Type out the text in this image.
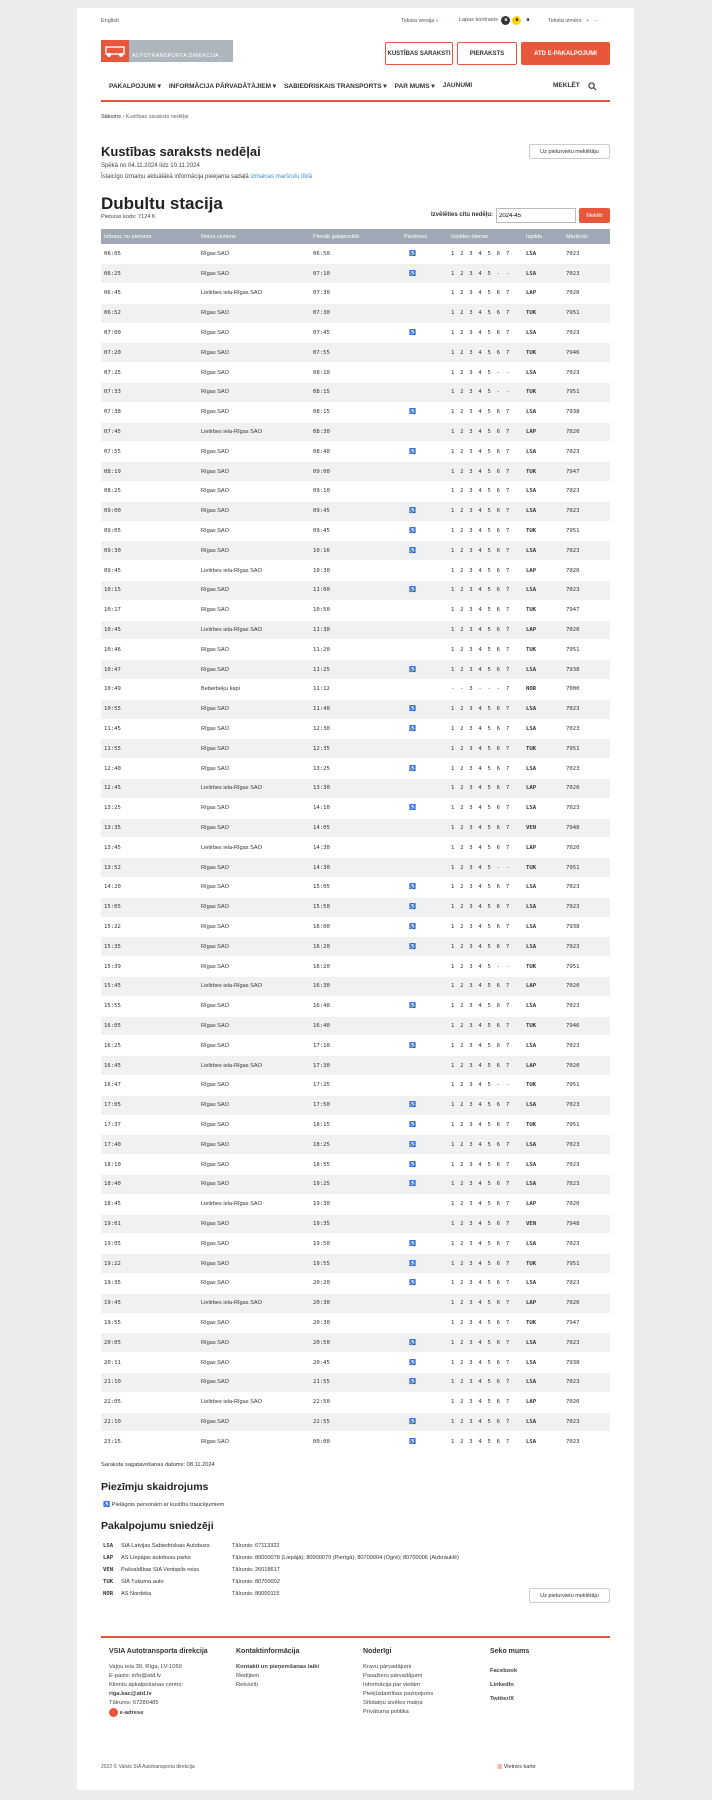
English	Teksta versija ◐	Lapas kontrasts a a a	Teksta izmērs + –
AUTOTRANSPORTA DIREKCIJA	KUSTĪBAS SARAKSTI	PIERAKSTS	ATD E-PAKALPOJUMI
PAKALPOJUMI ▾ INFORMĀCIJA PĀRVADĀTĀJIEM ▾ SABIEDRISKAIS TRANSPORTS ▾ PAR MUMS ▾ JAUNUMI	MEKLĒT
Sākums › Kustības saraksts nedēļai
Kustības saraksts nedēļai
Spēkā no 04.11.2024 līdz 10.11.2024
Īslaicīgo izmaiņu aktuālākā informācija pieejama sadaļā izmaiņas maršrutu tīklā
Uz pieturvietu meklētāju
Dubultu stacija
Pieturas kods: 7124 K	Izvēlēties citu nedēļu:
2024-45	Meklēt
Izbrauc no pieturas	Reisa virziens	Pienāk galapunktā	Piezīmes	Izpildes dienas	Izpilda	Maršruts
06:05	Rīgas SAO	06:50	♿	1 2 3 4 5 6 7	LSA	7023
06:25	Rīgas SAO	07:10	♿	1 2 3 4 5 - -	LSA	7023
06:45	Lielirbes iela-Rīgas SAO	07:30		1 2 3 4 5 6 7	LAP	7020
06:52	Rīgas SAO	07:30		1 2 3 4 5 6 7	TUK	7951
07:00	Rīgas SAO	07:45	♿	1 2 3 4 5 6 7	LSA	7023
07:20	Rīgas SAO	07:55		1 2 3 4 5 6 7	TUK	7946
07:25	Rīgas SAO	08:10		1 2 3 4 5 - -	LSA	7023
07:33	Rīgas SAO	08:15		1 2 3 4 5 - -	TUK	7951
07:38	Rīgas SAO	08:15	♿	1 2 3 4 5 6 7	LSA	7938
07:45	Lielirbes iela-Rīgas SAO	08:30		1 2 3 4 5 6 7	LAP	7020
07:55	Rīgas SAO	08:40	♿	1 2 3 4 5 6 7	LSA	7023
08:19	Rīgas SAO	09:00		1 2 3 4 5 6 7	TUK	7947
08:25	Rīgas SAO	09:10		1 2 3 4 5 6 7	LSA	7023
09:00	Rīgas SAO	09:45	♿	1 2 3 4 5 6 7	LSA	7023
09:05	Rīgas SAO	09:45	♿	1 2 3 4 5 6 7	TUK	7951
09:30	Rīgas SAO	10:16	♿	1 2 3 4 5 6 7	LSA	7023
09:45	Lielirbes iela-Rīgas SAO	10:30		1 2 3 4 5 6 7	LAP	7020
10:15	Rīgas SAO	11:00	♿	1 2 3 4 5 6 7	LSA	7023
10:17	Rīgas SAO	10:50		1 2 3 4 5 6 7	TUK	7947
10:45	Lielirbes iela-Rīgas SAO	11:30		1 2 3 4 5 6 7	LAP	7020
10:46	Rīgas SAO	11:20		1 2 3 4 5 6 7	TUK	7951
10:47	Rīgas SAO	11:25	♿	1 2 3 4 5 6 7	LSA	7938
10:49	Beberbeķu kapi	11:12		- - 3 - - - 7	NOR	7000
10:55	Rīgas SAO	11:40	♿	1 2 3 4 5 6 7	LSA	7023
11:45	Rīgas SAO	12:30	♿	1 2 3 4 5 6 7	LSA	7023
11:55	Rīgas SAO	12:35		1 2 3 4 5 6 7	TUK	7951
12:40	Rīgas SAO	13:25	♿	1 2 3 4 5 6 7	LSA	7023
12:45	Lielirbes iela-Rīgas SAO	13:30		1 2 3 4 5 6 7	LAP	7020
13:25	Rīgas SAO	14:10	♿	1 2 3 4 5 6 7	LSA	7023
13:35	Rīgas SAO	14:05		1 2 3 4 5 6 7	VEN	7948
13:45	Lielirbes iela-Rīgas SAO	14:30		1 2 3 4 5 6 7	LAP	7020
13:52	Rīgas SAO	14:30		1 2 3 4 5 - -	TUK	7951
14:20	Rīgas SAO	15:05	♿	1 2 3 4 5 6 7	LSA	7023
15:05	Rīgas SAO	15:50	♿	1 2 3 4 5 6 7	LSA	7023
15:22	Rīgas SAO	16:00	♿	1 2 3 4 5 6 7	LSA	7938
15:35	Rīgas SAO	16:20	♿	1 2 3 4 5 6 7	LSA	7023
15:39	Rīgas SAO	16:20		1 2 3 4 5 - -	TUK	7951
15:45	Lielirbes iela-Rīgas SAO	16:30		1 2 3 4 5 6 7	LAP	7020
15:55	Rīgas SAO	16:40	♿	1 2 3 4 5 6 7	LSA	7023
16:05	Rīgas SAO	16:40		1 2 3 4 5 6 7	TUK	7946
16:25	Rīgas SAO	17:10	♿	1 2 3 4 5 6 7	LSA	7023
16:45	Lielirbes iela-Rīgas SAO	17:30		1 2 3 4 5 6 7	LAP	7020
16:47	Rīgas SAO	17:25		1 2 3 4 5 - -	TUK	7951
17:05	Rīgas SAO	17:50	♿	1 2 3 4 5 6 7	LSA	7023
17:37	Rīgas SAO	18:15	♿	1 2 3 4 5 6 7	TUK	7951
17:40	Rīgas SAO	18:25	♿	1 2 3 4 5 6 7	LSA	7023
18:10	Rīgas SAO	18:55	♿	1 2 3 4 5 6 7	LSA	7023
18:40	Rīgas SAO	19:25	♿	1 2 3 4 5 6 7	LSA	7023
18:45	Lielirbes iela-Rīgas SAO	19:30		1 2 3 4 5 6 7	LAP	7020
19:01	Rīgas SAO	19:35		1 2 3 4 5 6 7	VEN	7948
19:05	Rīgas SAO	19:50	♿	1 2 3 4 5 6 7	LSA	7023
19:22	Rīgas SAO	19:55	♿	1 2 3 4 5 6 7	TUK	7951
19:35	Rīgas SAO	20:20	♿	1 2 3 4 5 6 7	LSA	7023
19:45	Lielirbes iela-Rīgas SAO	20:30		1 2 3 4 5 6 7	LAP	7020
19:55	Rīgas SAO	20:30		1 2 3 4 5 6 7	TUK	7947
20:05	Rīgas SAO	20:50	♿	1 2 3 4 5 6 7	LSA	7023
20:11	Rīgas SAO	20:45	♿	1 2 3 4 5 6 7	LSA	7938
21:10	Rīgas SAO	21:55	♿	1 2 3 4 5 6 7	LSA	7023
22:05	Lielirbes iela-Rīgas SAO	22:50		1 2 3 4 5 6 7	LAP	7020
22:10	Rīgas SAO	22:55	♿	1 2 3 4 5 6 7	LSA	7023
23:15	Rīgas SAO	00:00	♿	1 2 3 4 5 6 7	LSA	7023
Saraksta sagatavošanas datums: 08.11.2024
Piezīmju skaidrojums
♿ Pielāgots personām ar kustību traucējumiem
Pakalpojumu sniedzēji
LSA	SIA Latvijas Sabiedriskais Autobuss	Tālrunis: 67113322
LAP	AS Liepājas autobusu parks	Tālrunis: 80000078 (Liepājā); 80000079 (Pierīgā); 80700004 (Ogrē); 80700006 (Aizkrauklē)
VEN	Pašvaldības SIA Ventspils reiss	Tālrunis: 26018617
TUK	SIA Tukuma auto	Tālrunis: 80700002
NOR	AS Nordeka	Tālrunis: 80000115	Uz pieturvietu meklētāju
VSIA Autotransporta direkcija
Vaļņu iela 30, Rīga, LV-1050
E-pasts: info@atd.lv
Klientu apkalpošanas centrs:
riga.kac@atd.lv
Tālrunis: 67280485
e-adrese
Kontaktinformācija
Kontakti un pieņemšanas laiki
Medijiem
Rekvizīti
Noderīgi
Kravu pārvadājumi
Pasažieru pārvadājumi
Informācija par vietām
Piekļūstamības paziņojums
Sīkdatņu izvēles maiņa
Privātuma politika
Seko mums
Facebook
LinkedIn
Twitter/X
2022 © Valsts SIA Autotransporta direkcija	▥ Vietnes karte
